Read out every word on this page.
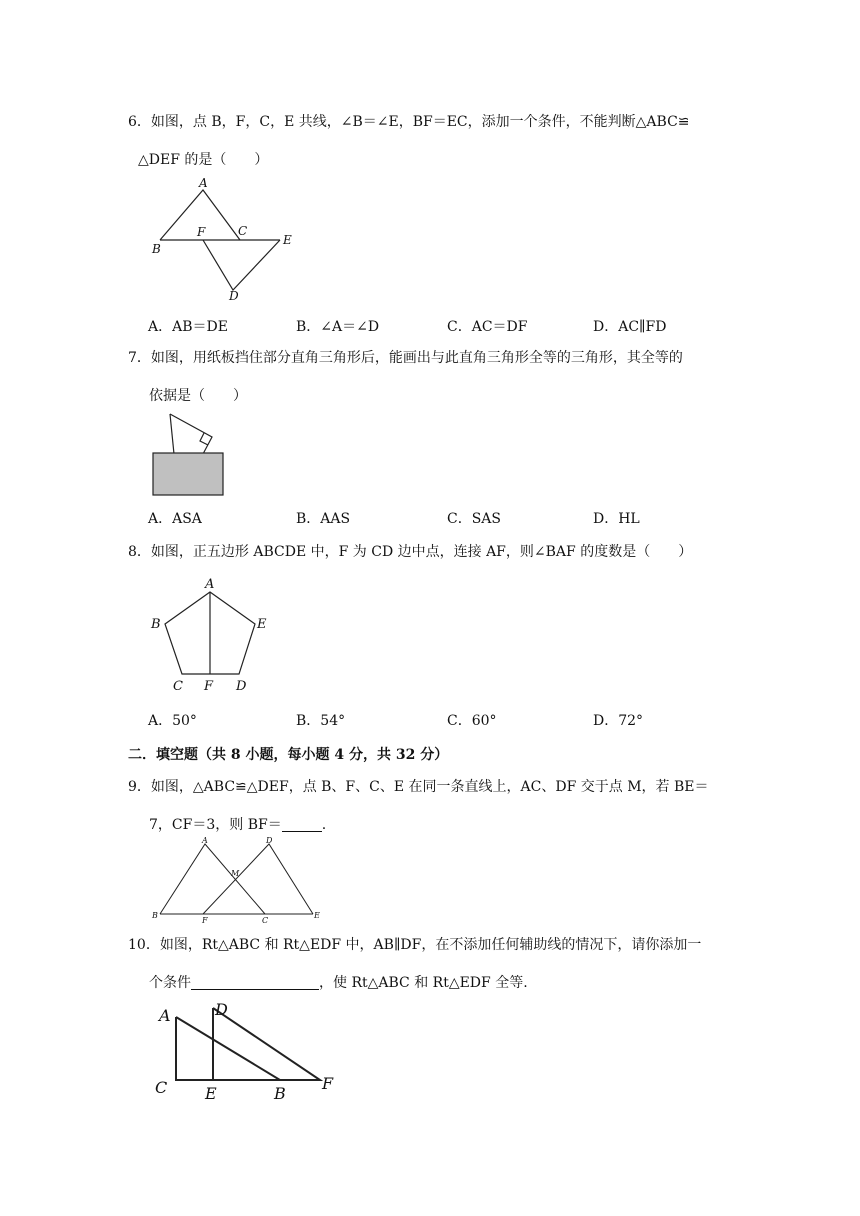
6．如图，点 B，F，C，E 共线，∠B＝∠E，BF＝EC，添加一个条件，不能判断△ABC≌
△DEF 的是（　　）
A
B
F	C
E
D
A．AB＝DE	B．∠A＝∠D	C．AC＝DF	D．AC∥FD
7．如图，用纸板挡住部分直角三角形后，能画出与此直角三角形全等的三角形，其全等的
依据是（　　）
A．ASA	B．AAS	C．SAS	D．HL
8．如图，正五边形 ABCDE 中，F 为 CD 边中点，连接 AF，则∠BAF 的度数是（　　）
A
B	E
C F D
A．50°	B．54°	C．60°	D．72°
二．填空题（共 8 小题，每小题 4 分，共 32 分）
9．如图，△ABC≌△DEF，点 B、F、C、E 在同一条直线上，AC、DF 交于点 M，若 BE＝
7，CF＝3，则 BF＝	.
A	D
M
B
F	C
E
10．如图，Rt△ABC 和 Rt△EDF 中，AB∥DF，在不添加任何辅助线的情况下，请你添加一
个条件	，使 Rt△ABC 和 Rt△EDF 全等.
A
C
D
E	B
F
